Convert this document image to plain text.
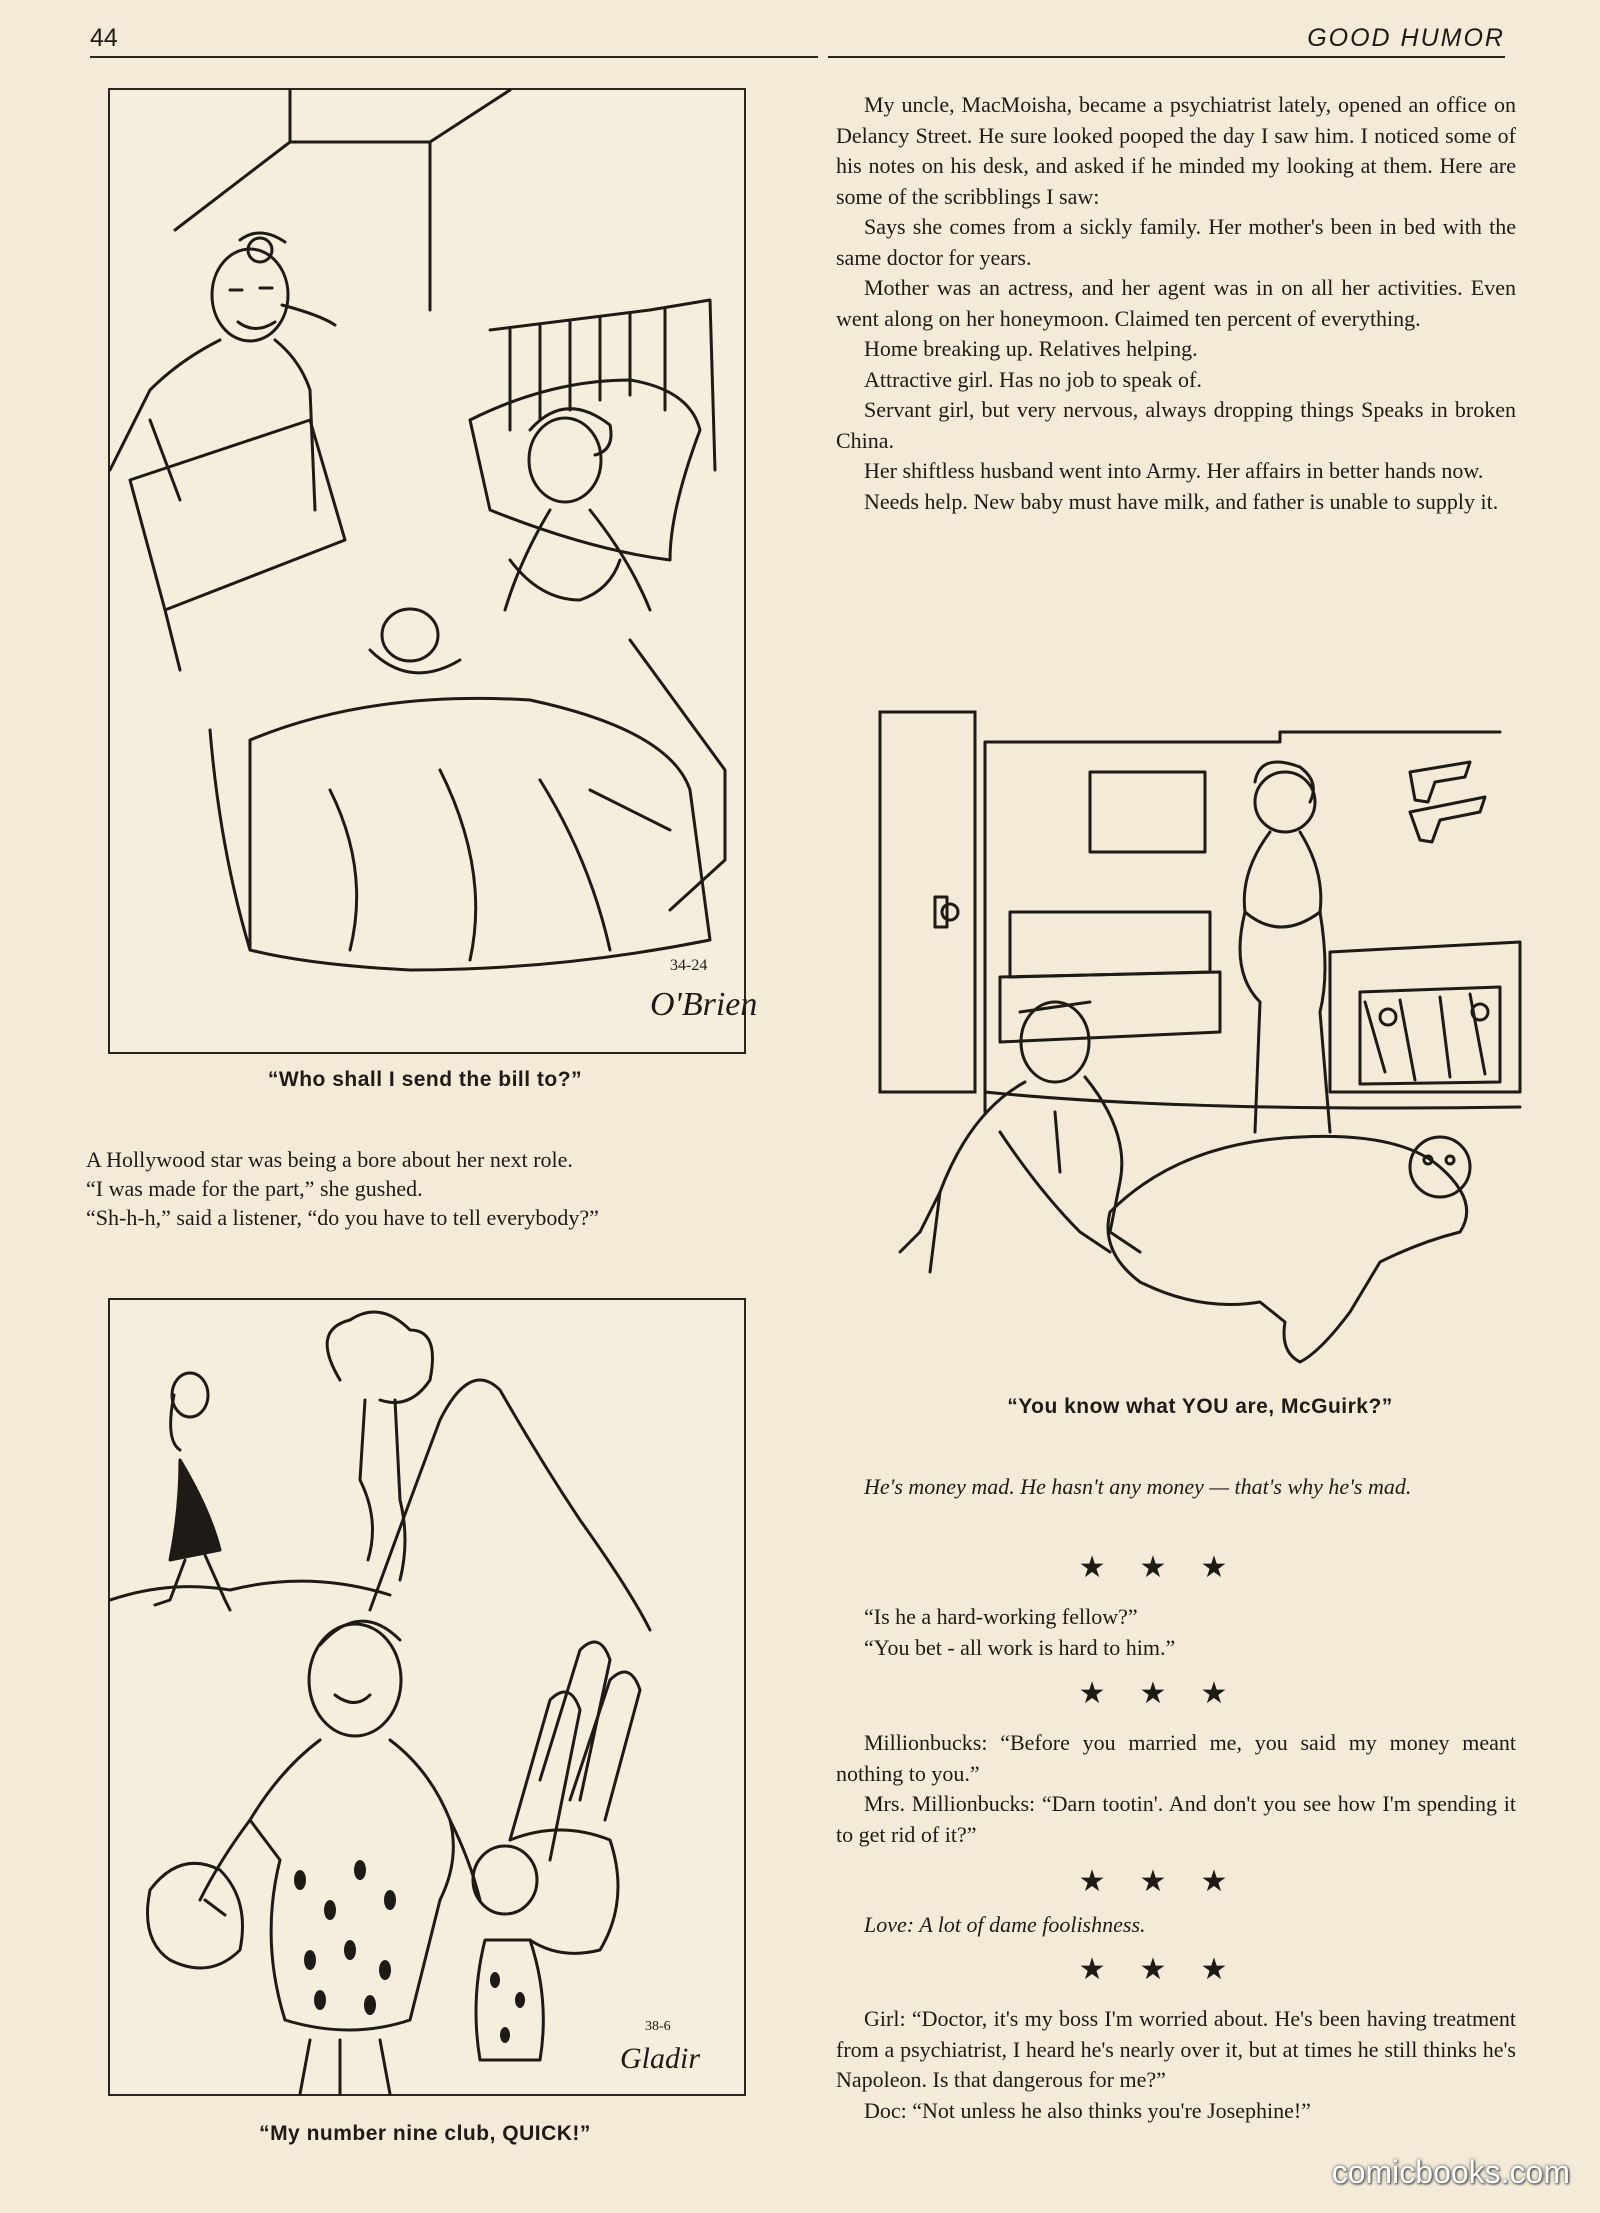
44	GOOD HUMOR
34-24
O'Brien
“Who shall I send the bill to?”

A Hollywood star was being a bore about her next role.

“I was made for the part,” she gushed.

“Sh-h-h,” said a listener, “do you have to tell everybody?”

38-6
Gladir
“My number nine club, QUICK!”

My uncle, MacMoisha, became a psychiatrist lately, opened an office on Delancy Street. He sure looked pooped the day I saw him. I noticed some of his notes on his desk, and asked if he minded my looking at them. Here are some of the scribblings I saw:

Says she comes from a sickly family. Her mother's been in bed with the same doctor for years.

Mother was an actress, and her agent was in on all her activities. Even went along on her honeymoon. Claimed ten percent of everything.

Home breaking up. Relatives helping.

Attractive girl. Has no job to speak of.

Servant girl, but very nervous, always dropping things Speaks in broken China.

Her shiftless husband went into Army. Her affairs in better hands now.

Needs help. New baby must have milk, and father is unable to supply it.

“You know what YOU are, McGuirk?”

He's money mad. He hasn't any money — that's why he's mad.

★★★

“Is he a hard-working fellow?”

“You bet - all work is hard to him.”

★★★

Millionbucks: “Before you married me, you said my money meant nothing to you.”

Mrs. Millionbucks: “Darn tootin'. And don't you see how I'm spending it to get rid of it?”

★★★

Love: A lot of dame foolishness.

★★★

Girl: “Doctor, it's my boss I'm worried about. He's been having treatment from a psychiatrist, I heard he's nearly over it, but at times he still thinks he's Napoleon. Is that dangerous for me?”

Doc: “Not unless he also thinks you're Josephine!”

comicbooks.com
